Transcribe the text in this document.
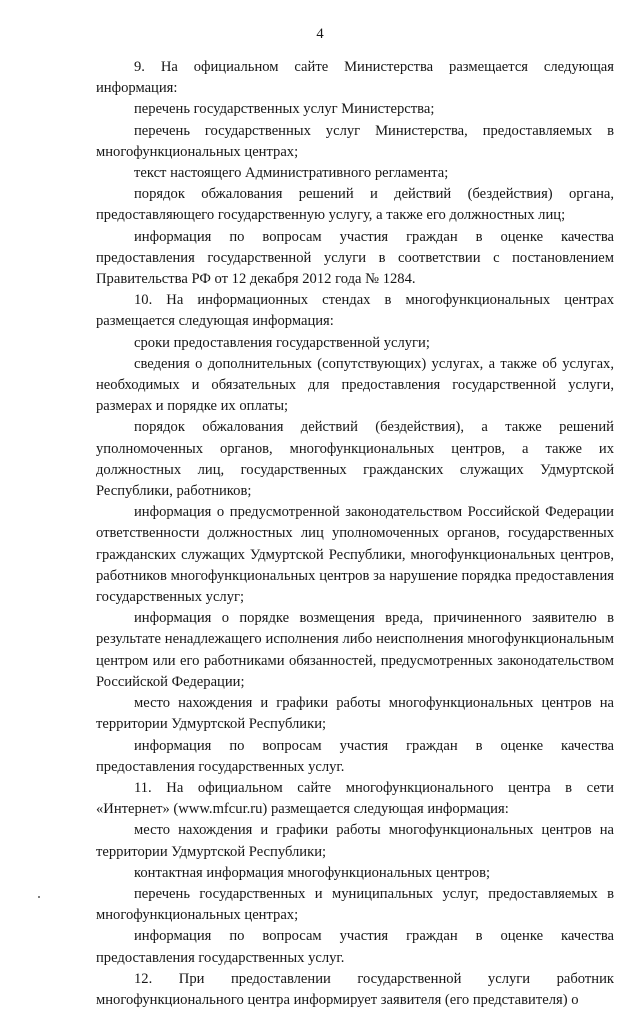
4

9. На официальном сайте Министерства размещается следующая информация:

перечень государственных услуг Министерства;

перечень государственных услуг Министерства, предоставляемых в многофункциональных центрах;

текст настоящего Административного регламента;

порядок обжалования решений и действий (бездействия) органа, предоставляющего государственную услугу, а также его должностных лиц;

информация по вопросам участия граждан в оценке качества предоставления государственной услуги в соответствии с постановлением Правительства РФ от 12 декабря 2012 года № 1284.

10. На информационных стендах в многофункциональных центрах размещается следующая информация:

сроки предоставления государственной услуги;

сведения о дополнительных (сопутствующих) услугах, а также об услугах, необходимых и обязательных для предоставления государственной услуги, размерах и порядке их оплаты;

порядок обжалования действий (бездействия), а также решений уполномоченных органов, многофункциональных центров, а также их должностных лиц, государственных гражданских служащих Удмуртской Республики, работников;

информация о предусмотренной законодательством Российской Федерации ответственности должностных лиц уполномоченных органов, государственных гражданских служащих Удмуртской Республики, многофункциональных центров, работников многофункциональных центров за нарушение порядка предоставления государственных услуг;

информация о порядке возмещения вреда, причиненного заявителю в результате ненадлежащего исполнения либо неисполнения многофункциональным центром или его работниками обязанностей, предусмотренных законодательством Российской Федерации;

место нахождения и графики работы многофункциональных центров на территории Удмуртской Республики;

информация по вопросам участия граждан в оценке качества предоставления государственных услуг.

11. На официальном сайте многофункционального центра в сети «Интернет» (www.mfcur.ru) размещается следующая информация:

место нахождения и графики работы многофункциональных центров на территории Удмуртской Республики;

контактная информация многофункциональных центров;

перечень государственных и муниципальных услуг, предоставляемых в многофункциональных центрах;

информация по вопросам участия граждан в оценке качества предоставления государственных услуг.

12. При предоставлении государственной услуги работник многофункционального центра информирует заявителя (его представителя) о
